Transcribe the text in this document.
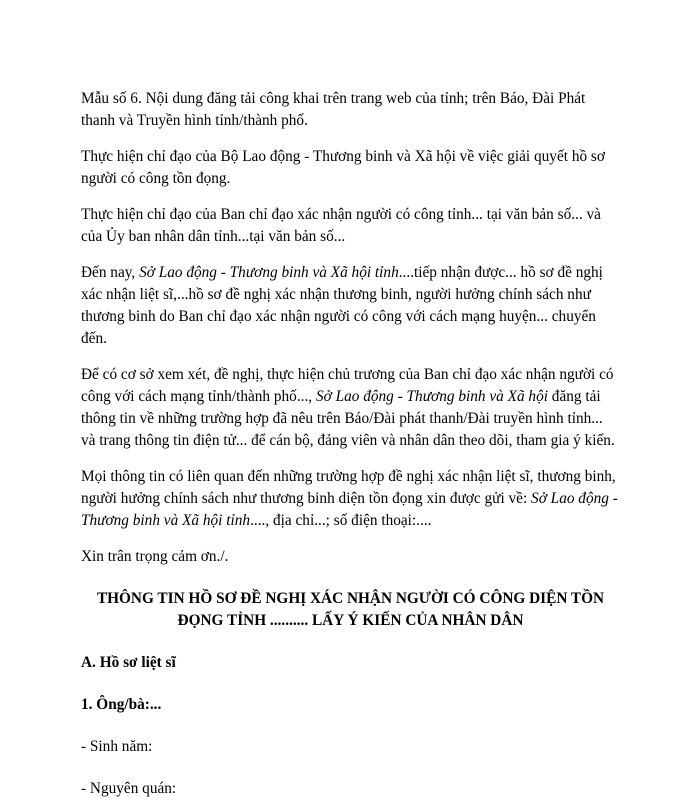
Mẫu số 6. Nội dung đăng tải công khai trên trang web của tỉnh; trên Báo, Đài Phát thanh và Truyền hình tỉnh/thành phố.

Thực hiện chỉ đạo của Bộ Lao động - Thương binh và Xã hội về việc giải quyết hồ sơ người có công tồn đọng.

Thực hiện chỉ đạo của Ban chỉ đạo xác nhận người có công tỉnh... tại văn bản số... và của Ủy ban nhân dân tỉnh...tại văn bản số...

Đến nay, Sở Lao động - Thương binh và Xã hội tỉnh....tiếp nhận được... hồ sơ đề nghị xác nhận liệt sĩ,...hồ sơ đề nghị xác nhận thương binh, người hưởng chính sách như thương binh do Ban chỉ đạo xác nhận người có công với cách mạng huyện... chuyển đến.

Để có cơ sở xem xét, đề nghị, thực hiện chủ trương của Ban chỉ đạo xác nhận người có công với cách mạng tỉnh/thành phố..., Sở Lao động - Thương binh và Xã hội đăng tải thông tin về những trường hợp đã nêu trên Báo/Đài phát thanh/Đài truyền hình tỉnh... và trang thông tin điện tử... để cán bộ, đảng viên và nhân dân theo dõi, tham gia ý kiến.

Mọi thông tin có liên quan đến những trường hợp đề nghị xác nhận liệt sĩ, thương binh, người hưởng chính sách như thương binh diện tồn đọng xin được gửi về: Sở Lao động - Thương binh và Xã hội tỉnh...., địa chỉ...; số điện thoại:....

Xin trân trọng cảm ơn./.

THÔNG TIN HỒ SƠ ĐỀ NGHỊ XÁC NHẬN NGƯỜI CÓ CÔNG DIỆN TỒN ĐỌNG TỈNH .......... LẤY Ý KIẾN CỦA NHÂN DÂN

A. Hồ sơ liệt sĩ

1. Ông/bà:...

- Sinh năm:

- Nguyên quán:
